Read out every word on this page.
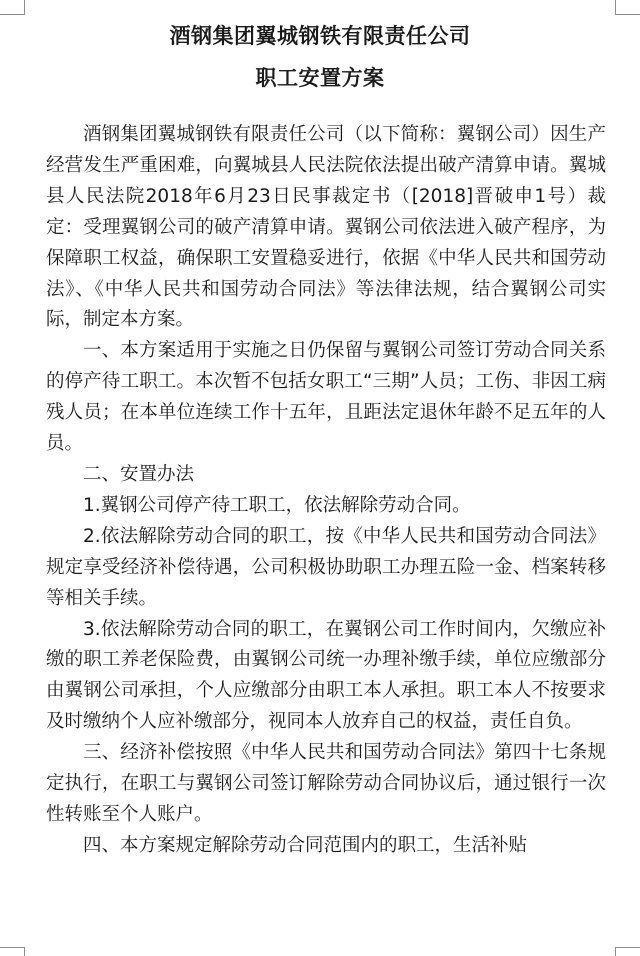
酒钢集团翼城钢铁有限责任公司
职工安置方案

酒钢集团翼城钢铁有限责任公司（以下简称：翼钢公司）因生产经营发生严重困难，向翼城县人民法院依法提出破产清算申请。翼城县人民法院2018年6月23日民事裁定书（[2018]晋破申1号）裁定：受理翼钢公司的破产清算申请。翼钢公司依法进入破产程序，为保障职工权益，确保职工安置稳妥进行，依据《中华人民共和国劳动法》、《中华人民共和国劳动合同法》等法律法规，结合翼钢公司实际，制定本方案。

一、本方案适用于实施之日仍保留与翼钢公司签订劳动合同关系的停产待工职工。本次暂不包括女职工“三期”人员；工伤、非因工病残人员；在本单位连续工作十五年，且距法定退休年龄不足五年的人员。

二、安置办法

1.翼钢公司停产待工职工，依法解除劳动合同。

2.依法解除劳动合同的职工，按《中华人民共和国劳动合同法》规定享受经济补偿待遇，公司积极协助职工办理五险一金、档案转移等相关手续。

3.依法解除劳动合同的职工，在翼钢公司工作时间内，欠缴应补缴的职工养老保险费，由翼钢公司统一办理补缴手续，单位应缴部分由翼钢公司承担，个人应缴部分由职工本人承担。职工本人不按要求及时缴纳个人应补缴部分，视同本人放弃自己的权益，责任自负。

三、经济补偿按照《中华人民共和国劳动合同法》第四十七条规定执行，在职工与翼钢公司签订解除劳动合同协议后，通过银行一次性转账至个人账户。

四、本方案规定解除劳动合同范围内的职工，生活补贴
